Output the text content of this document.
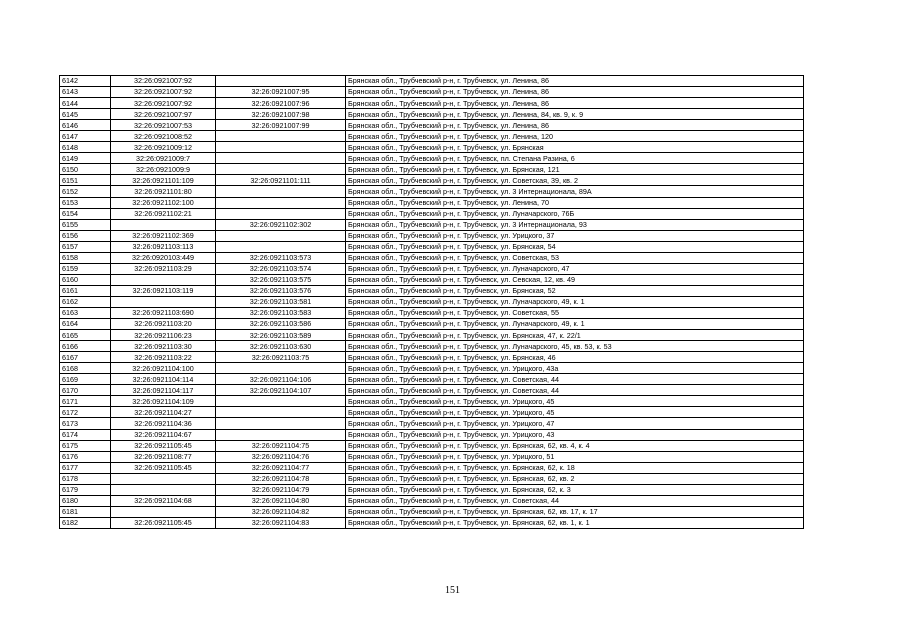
6142	32:26:0921007:92		Брянская обл., Трубчевский р-н, г. Трубчевск, ул. Ленина, 86
6143	32:26:0921007:92	32:26:0921007:95	Брянская обл., Трубчевский р-н, г. Трубчевск, ул. Ленина, 86
6144	32:26:0921007:92	32:26:0921007:96	Брянская обл., Трубчевский р-н, г. Трубчевск, ул. Ленина, 86
6145	32:26:0921007:97	32:26:0921007:98	Брянская обл., Трубчевский р-н, г. Трубчевск, ул. Ленина, 84, кв. 9, к. 9
6146	32:26:0921007:53	32:26:0921007:99	Брянская обл., Трубчевский р-н, г. Трубчевск, ул. Ленина, 86
6147	32:26:0921008:52		Брянская обл., Трубчевский р-н, г. Трубчевск, ул. Ленина, 120
6148	32:26:0921009:12		Брянская обл., Трубчевский р-н, г. Трубчевск, ул. Брянская
6149	32:26:0921009:7		Брянская обл., Трубчевский р-н, г. Трубчевск, пл. Степана Разина, 6
6150	32:26:0921009:9		Брянская обл., Трубчевский р-н, г. Трубчевск, ул. Брянская, 121
6151	32:26:0921101:109	32:26:0921101:111	Брянская обл., Трубчевский р-н, г. Трубчевск, ул. Советская, 39, кв. 2
6152	32:26:0921101:80		Брянская обл., Трубчевский р-н, г. Трубчевск, ул. 3 Интернационала, 89А
6153	32:26:0921102:100		Брянская обл., Трубчевский р-н, г. Трубчевск, ул. Ленина, 70
6154	32:26:0921102:21		Брянская обл., Трубчевский р-н, г. Трубчевск, ул. Луначарского, 76Б
6155		32:26:0921102:302	Брянская обл., Трубчевский р-н, г. Трубчевск, ул. 3 Интернационала, 93
6156	32:26:0921102:369		Брянская обл., Трубчевский р-н, г. Трубчевск, ул. Урицкого, 37
6157	32:26:0921103:113		Брянская обл., Трубчевский р-н, г. Трубчевск, ул. Брянская, 54
6158	32:26:0920103:449	32:26:0921103:573	Брянская обл., Трубчевский р-н, г. Трубчевск, ул. Советская, 53
6159	32:26:0921103:29	32:26:0921103:574	Брянская обл., Трубчевский р-н, г. Трубчевск, ул. Луначарского, 47
6160		32:26:0921103:575	Брянская обл., Трубчевский р-н, г. Трубчевск, ул. Севская, 12, кв. 49
6161	32:26:0921103:119	32:26:0921103:576	Брянская обл., Трубчевский р-н, г. Трубчевск, ул. Брянская, 52
6162		32:26:0921103:581	Брянская обл., Трубчевский р-н, г. Трубчевск, ул. Луначарского, 49, к. 1
6163	32:26:0921103:690	32:26:0921103:583	Брянская обл., Трубчевский р-н, г. Трубчевск, ул. Советская, 55
6164	32:26:0921103:20	32:26:0921103:586	Брянская обл., Трубчевский р-н, г. Трубчевск, ул. Луначарского, 49, к. 1
6165	32:26:0921106:23	32:26:0921103:589	Брянская обл., Трубчевский р-н, г. Трубчевск, ул. Брянская, 47, к. 22/1
6166	32:26:0921103:30	32:26:0921103:630	Брянская обл., Трубчевский р-н, г. Трубчевск, ул. Луначарского, 45, кв. 53, к. 53
6167	32:26:0921103:22	32:26:0921103:75	Брянская обл., Трубчевский р-н, г. Трубчевск, ул. Брянская, 46
6168	32:26:0921104:100		Брянская обл., Трубчевский р-н, г. Трубчевск, ул. Урицкого, 43а
6169	32:26:0921104:114	32:26:0921104:106	Брянская обл., Трубчевский р-н, г. Трубчевск, ул. Советская, 44
6170	32:26:0921104:117	32:26:0921104:107	Брянская обл., Трубчевский р-н, г. Трубчевск, ул. Советская, 44
6171	32:26:0921104:109		Брянская обл., Трубчевский р-н, г. Трубчевск, ул. Урицкого, 45
6172	32:26:0921104:27		Брянская обл., Трубчевский р-н, г. Трубчевск, ул. Урицкого, 45
6173	32:26:0921104:36		Брянская обл., Трубчевский р-н, г. Трубчевск, ул. Урицкого, 47
6174	32:26:0921104:67		Брянская обл., Трубчевский р-н, г. Трубчевск, ул. Урицкого, 43
6175	32:26:0921105:45	32:26:0921104:75	Брянская обл., Трубчевский р-н, г. Трубчевск, ул. Брянская, 62, кв. 4, к. 4
6176	32:26:0921108:77	32:26:0921104:76	Брянская обл., Трубчевский р-н, г. Трубчевск, ул. Урицкого, 51
6177	32:26:0921105:45	32:26:0921104:77	Брянская обл., Трубчевский р-н, г. Трубчевск, ул. Брянская, 62, к. 18
6178		32:26:0921104:78	Брянская обл., Трубчевский р-н, г. Трубчевск, ул. Брянская, 62, кв. 2
6179		32:26:0921104:79	Брянская обл., Трубчевский р-н, г. Трубчевск, ул. Брянская, 62, к. 3
6180	32:26:0921104:68	32:26:0921104:80	Брянская обл., Трубчевский р-н, г. Трубчевск, ул. Советская, 44
6181		32:26:0921104:82	Брянская обл., Трубчевский р-н, г. Трубчевск, ул. Брянская, 62, кв. 17, к. 17
6182	32:26:0921105:45	32:26:0921104:83	Брянская обл., Трубчевский р-н, г. Трубчевск, ул. Брянская, 62, кв. 1, к. 1
151
